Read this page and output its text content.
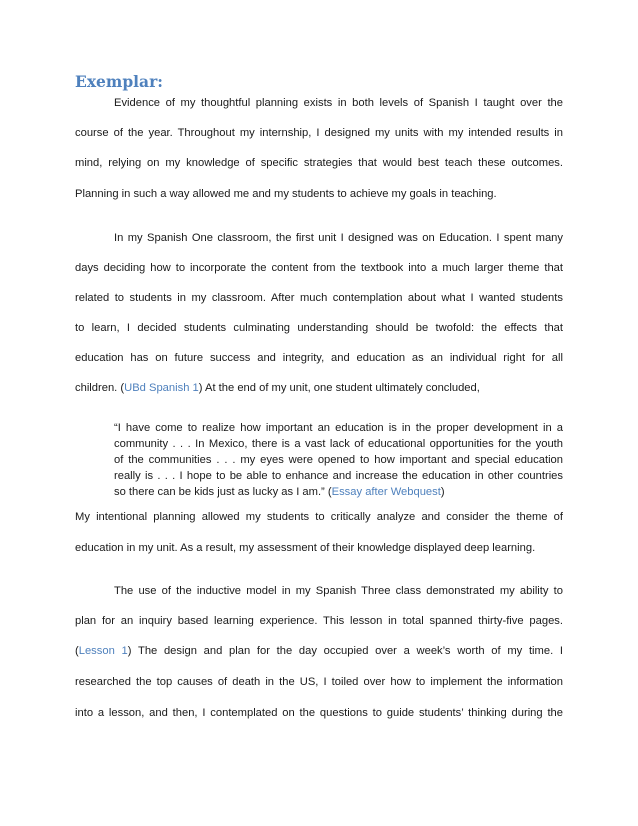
Exemplar:
Evidence of my thoughtful planning exists in both levels of Spanish I taught over the
course of the year. Throughout my internship, I designed my units with my intended results in
mind, relying on my knowledge of specific strategies that would best teach these outcomes.
Planning in such a way allowed me and my students to achieve my goals in teaching.
In my Spanish One classroom, the first unit I designed was on Education. I spent many
days deciding how to incorporate the content from the textbook into a much larger theme that
related to students in my classroom. After much contemplation about what I wanted students
to learn, I decided students culminating understanding should be twofold: the effects that
education has on future success and integrity, and education as an individual right for all
children. (UBd Spanish 1) At the end of my unit, one student ultimately concluded,
“I have come to realize how important an education is in the proper development in a
community . . . In Mexico, there is a vast lack of educational opportunities for the youth
of the communities . . . my eyes were opened to how important and special education
really is . . . I hope to be able to enhance and increase the education in other countries
so there can be kids just as lucky as I am.” (Essay after Webquest)
My intentional planning allowed my students to critically analyze and consider the theme of
education in my unit. As a result, my assessment of their knowledge displayed deep learning.
The use of the inductive model in my Spanish Three class demonstrated my ability to
plan for an inquiry based learning experience. This lesson in total spanned thirty-five pages.
(Lesson 1) The design and plan for the day occupied over a week’s worth of my time. I
researched the top causes of death in the US, I toiled over how to implement the information
into a lesson, and then, I contemplated on the questions to guide students’ thinking during the
